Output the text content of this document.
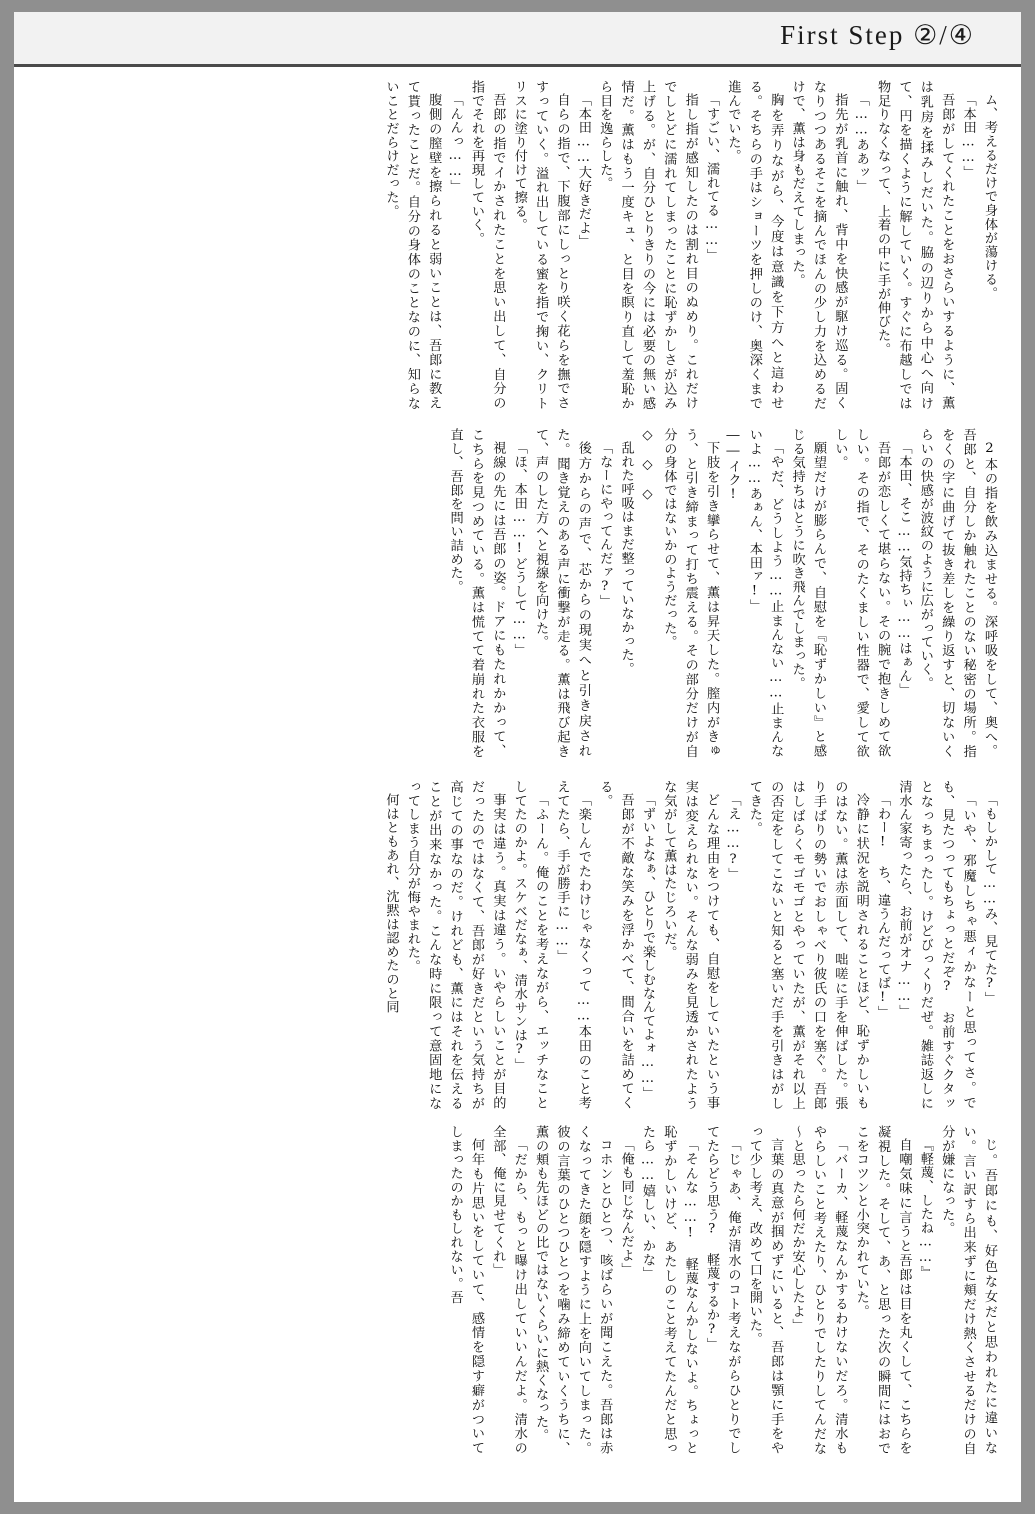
First Step ②/④

ム、考えるだけで身体が蕩ける。

「本田……」

吾郎がしてくれたことをおさらいするように、薫は乳房を揉みしだいた。脇の辺りから中心へ向けて、円を描くように解していく。すぐに布越しでは物足りなくなって、上着の中に手が伸びた。

「……ああッ」

指先が乳首に触れ、背中を快感が駆け巡る。固くなりつつあるそこを摘んでほんの少し力を込めるだけで、薫は身もだえてしまった。

胸を弄りながら、今度は意識を下方へと這わせる。そちらの手はショーツを押しのけ、奥深くまで進んでいた。

「すごい、濡れてる……」

指し指が感知したのは割れ目のぬめり。これだけでしとどに濡れてしまったことに恥ずかしさが込み上げる。が、自分ひとりきりの今には必要の無い感情だ。薫はもう一度キュ、と目を瞑り直して羞恥から目を逸らした。

「本田……大好きだよ」

自らの指で、下腹部にしっとり咲く花らを撫でさすっていく。溢れ出している蜜を指で掬い、クリトリスに塗り付けて擦る。

吾郎の指でイかされたことを思い出して、自分の指でそれを再現していく。

「んんっ……」

腹側の膣壁を擦られると弱いことは、吾郎に教えて貰ったことだ。自分の身体のことなのに、知らないことだらけだった。

2本の指を飲み込ませる。深呼吸をして、奥へ。吾郎と、自分しか触れたことのない秘密の場所。指をくの字に曲げて抜き差しを繰り返すと、切ないくらいの快感が波紋のように広がっていく。

「本田、そこ……気持ちぃ……はぁん」

吾郎が恋しくて堪らない。その腕で抱きしめて欲しい。その指で、そのたくましい性器で、愛して欲しい。

願望だけが膨らんで、自慰を『恥ずかしい』と感じる気持ちはとうに吹き飛んでしまった。

「やだ、どうしよう……止まんない……止まんないよ……あぁん、本田ァ!」

――イク!

下肢を引き攣らせて、薫は昇天した。膣内がきゅう、と引き締まって打ち震える。その部分だけが自分の身体ではないかのようだった。

◇　◇　◇

乱れた呼吸はまだ整っていなかった。

「なーにやってんだァ?」

後方からの声で、芯からの現実へと引き戻された。聞き覚えのある声に衝撃が走る。薫は飛び起きて、声のした方へと視線を向けた。

「ほ、本田……!どうして……」

視線の先には吾郎の姿。ドアにもたれかかって、こちらを見つめている。薫は慌てて着崩れた衣服を直し、吾郎を問い詰めた。

「もしかして……み、見てた?」

「いや、邪魔しちゃ悪ィかなーと思ってさ。でも、見たつってもちょっとだぞ? お前すぐクタッとなっちまったし。けどびっくりだぜ。雑誌返しに清水ん家寄ったら、お前がオナ……」

「わー! ち、違うんだってば!」

冷静に状況を説明されることほど、恥ずかしいものはない。薫は赤面して、咄嗟に手を伸ばした。張り手ばりの勢いでおしゃべり彼氏の口を塞ぐ。吾郎はしばらくモゴモゴとやっていたが、薫がそれ以上の否定をしてこないと知ると塞いだ手を引きはがしてきた。

「え……?」

どんな理由をつけても、自慰をしていたという事実は変えられない。そんな弱みを見透かされたような気がして薫はたじろいだ。

「ずいよなぁ、ひとりで楽しむなんてよォ……」

吾郎が不敵な笑みを浮かべて、間合いを詰めてくる。

「楽しんでたわけじゃなくって……本田のこと考えてたら、手が勝手に……」

「ふーん。俺のことを考えながら、エッチなことしてたのかよ。スケベだなぁ、清水サンは?」

事実は違う。真実は違う。いやらしいことが目的だったのではなくて、吾郎が好きだという気持ちが高じての事なのだ。けれども、薫にはそれを伝えることが出来なかった。こんな時に限って意固地になってしまう自分が悔やまれた。

何はともあれ、沈黙は認めたのと同

じ。吾郎にも、好色な女だと思われたに違いない。言い訳すら出来ずに頬だけ熱くさせるだけの自分が嫌になった。

『軽蔑、したね……』

自嘲気味に言うと吾郎は目を丸くして、こちらを凝視した。そして、あ、と思った次の瞬間にはおでこをコツンと小突かれていた。

「バーカ、軽蔑なんかするわけないだろ。清水もやらしいこと考えたり、ひとりでしたりしてんだな～と思ったら何だか安心したよ」

言葉の真意が掴めずにいると、吾郎は顎に手をやって少し考え、改めて口を開いた。

「じゃあ、俺が清水のコト考えながらひとりでしてたらどう思う? 軽蔑するか?」

「そんな……! 軽蔑なんかしないよ。ちょっと恥ずかしいけど、あたしのこと考えてたんだと思ったら……嬉しい、かな」

「俺も同じなんだよ」

コホンとひとつ、咳ばらいが聞こえた。吾郎は赤くなってきた顔を隠すように上を向いてしまった。彼の言葉のひとつひとつを噛み締めていくうちに、薫の頬も先ほどの比ではないくらいに熱くなった。

「だから、もっと曝け出していいんだよ。清水の全部、俺に見せてくれ」

何年も片思いをしていて、感情を隠す癖がついてしまったのかもしれない。吾
